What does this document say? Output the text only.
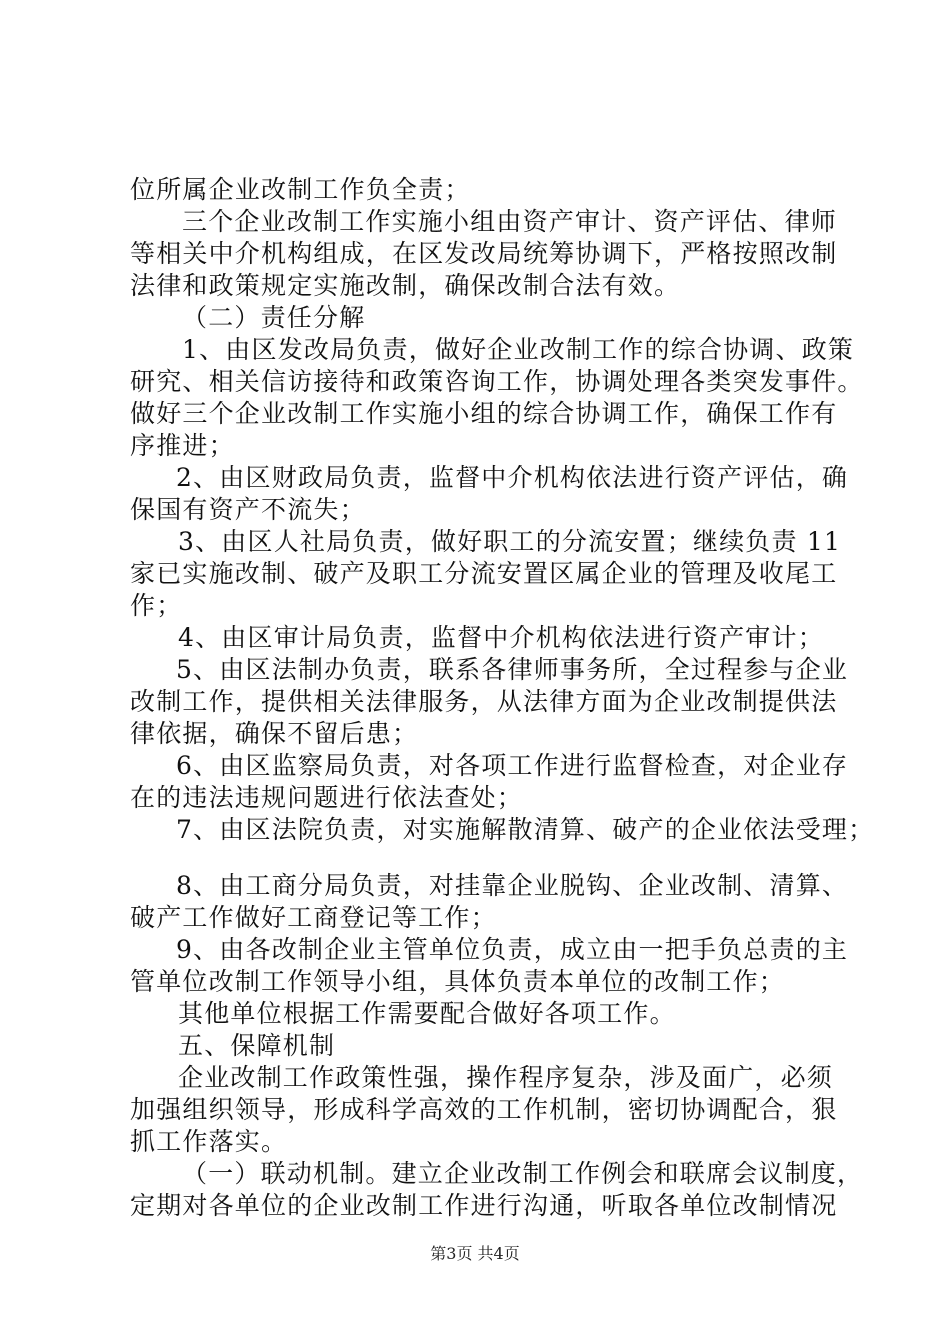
位所属企业改制工作负全责；
三个企业改制工作实施小组由资产审计、资产评估、律师
等相关中介机构组成，在区发改局统筹协调下，严格按照改制
法律和政策规定实施改制，确保改制合法有效。
（二）责任分解
1、由区发改局负责，做好企业改制工作的综合协调、政策
研究、相关信访接待和政策咨询工作，协调处理各类突发事件。
做好三个企业改制工作实施小组的综合协调工作，确保工作有
序推进；
2、由区财政局负责，监督中介机构依法进行资产评估，确
保国有资产不流失；
3、由区人社局负责，做好职工的分流安置；继续负责 11
家已实施改制、破产及职工分流安置区属企业的管理及收尾工
作；
4、由区审计局负责，监督中介机构依法进行资产审计；
5、由区法制办负责，联系各律师事务所，全过程参与企业
改制工作，提供相关法律服务，从法律方面为企业改制提供法
律依据，确保不留后患；
6、由区监察局负责，对各项工作进行监督检查，对企业存
在的违法违规问题进行依法查处；
7、由区法院负责，对实施解散清算、破产的企业依法受理；
8、由工商分局负责，对挂靠企业脱钩、企业改制、清算、
破产工作做好工商登记等工作；
9、由各改制企业主管单位负责，成立由一把手负总责的主
管单位改制工作领导小组，具体负责本单位的改制工作；
其他单位根据工作需要配合做好各项工作。
五、保障机制
企业改制工作政策性强，操作程序复杂，涉及面广，必须
加强组织领导，形成科学高效的工作机制，密切协调配合，狠
抓工作落实。
（一）联动机制。建立企业改制工作例会和联席会议制度，
定期对各单位的企业改制工作进行沟通，听取各单位改制情况
第3页 共4页
